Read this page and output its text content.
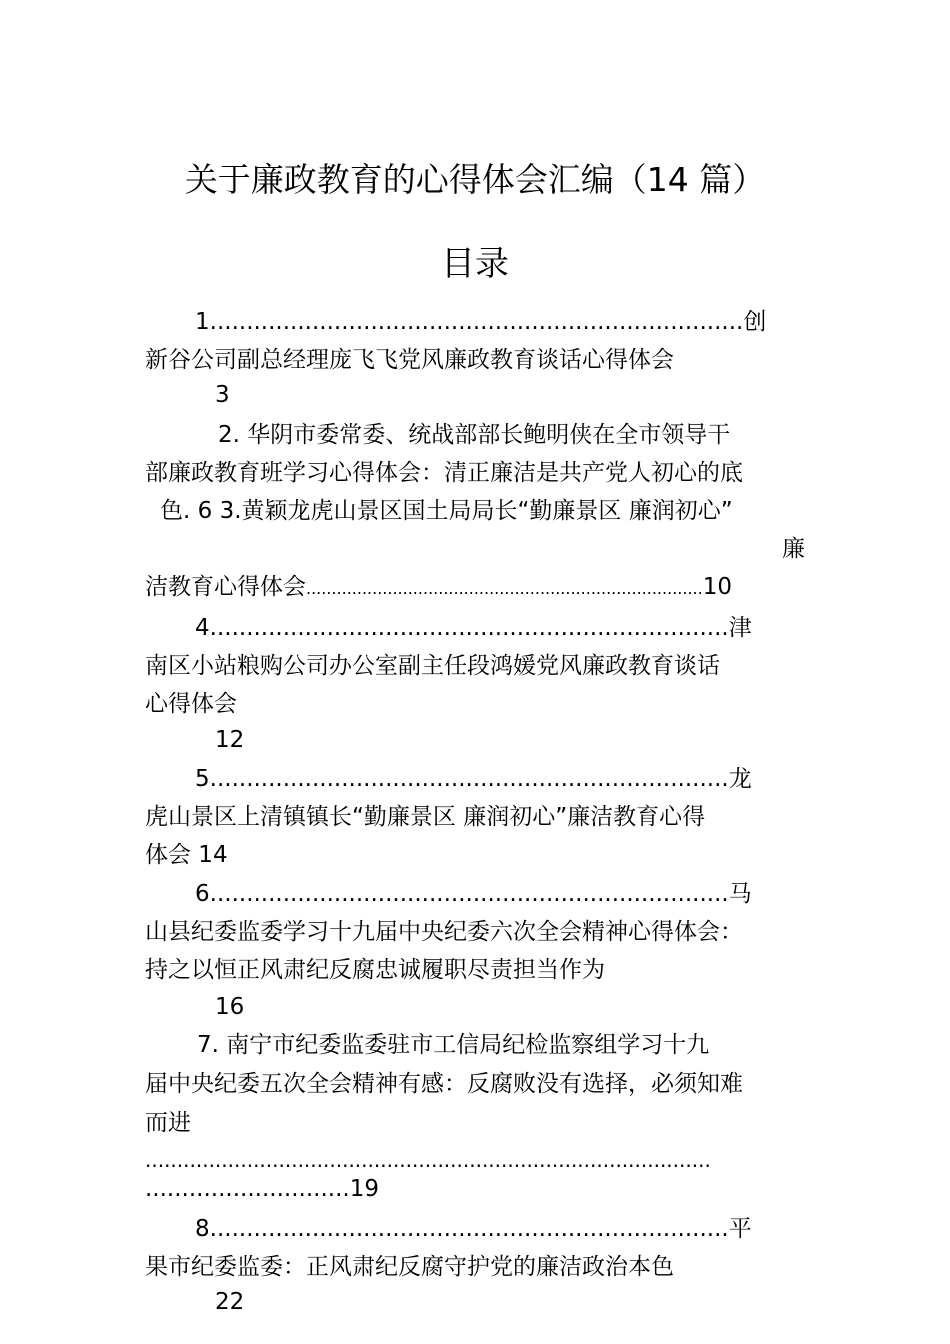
关于廉政教育的心得体会汇编（14 篇）
目录
1.........................................................................创
新谷公司副总经理庞飞飞党风廉政教育谈话心得体会
3
2. 华阴市委常委、统战部部长鲍明侠在全市领导干
部廉政教育班学习心得体会：清正廉洁是共产党人初心的底
色. 6 3.黄颖龙虎山景区国土局局长“勤廉景区 廉润初心”
廉
洁教育心得体会..............................................................................10
4.......................................................................津
南区小站粮购公司办公室副主任段鸿媛党风廉政教育谈话
心得体会
12
5.......................................................................龙
虎山景区上清镇镇长“勤廉景区 廉润初心”廉洁教育心得
体会 14
6.......................................................................马
山县纪委监委学习十九届中央纪委六次全会精神心得体会：
持之以恒正风肃纪反腐忠诚履职尽责担当作为
16
7. 南宁市纪委监委驻市工信局纪检监察组学习十九
届中央纪委五次全会精神有感：反腐败没有选择，必须知难
而进
.........................................................................................
............................19
8.......................................................................平
果市纪委监委：正风肃纪反腐守护党的廉洁政治本色
22
